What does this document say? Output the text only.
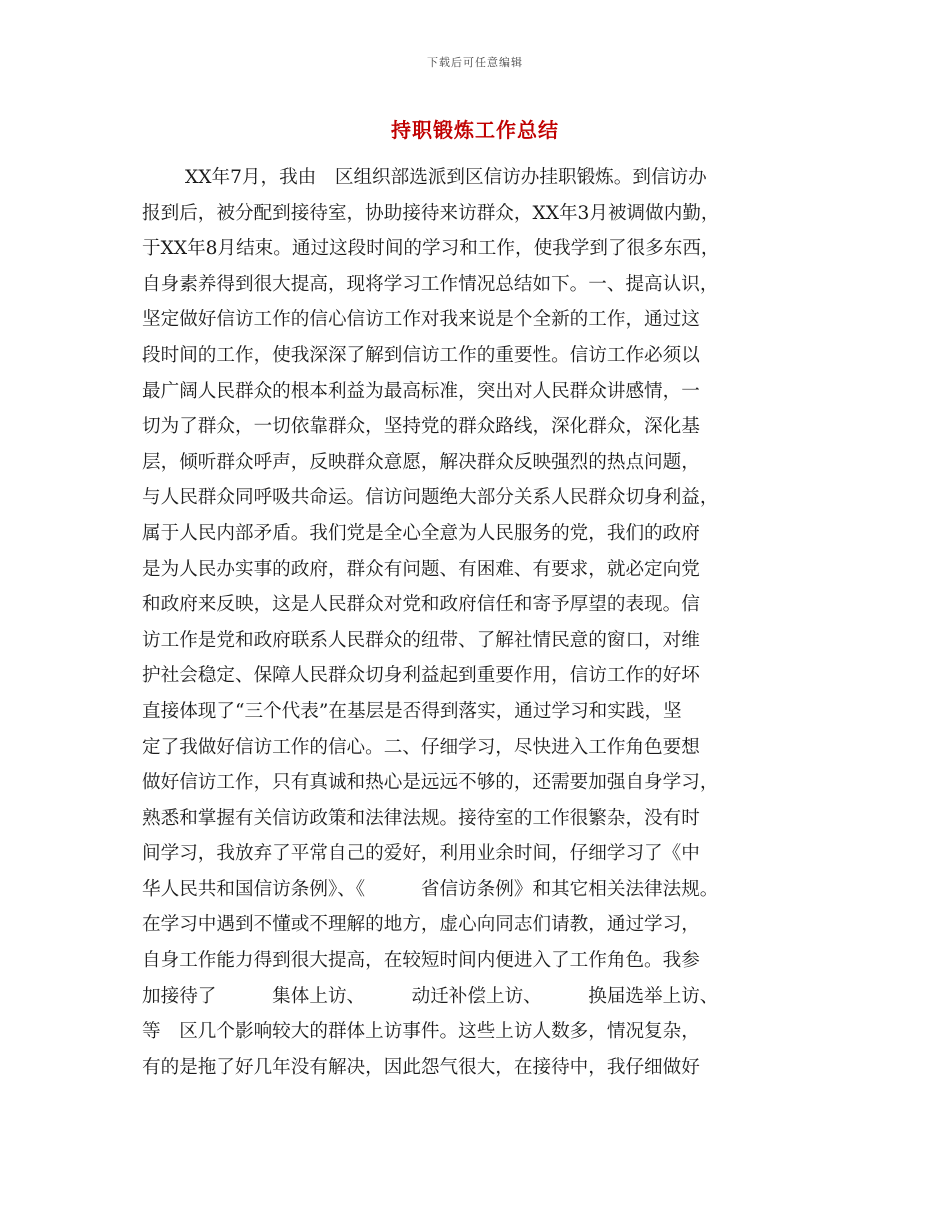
下载后可任意编辑
持职锻炼工作总结
XX年7月，我由　区组织部选派到区信访办挂职锻炼。到信访办
报到后，被分配到接待室，协助接待来访群众，XX年3月被调做内勤，
于XX年8月结束。通过这段时间的学习和工作，使我学到了很多东西，
自身素养得到很大提高，现将学习工作情况总结如下。一、提高认识，
坚定做好信访工作的信心信访工作对我来说是个全新的工作，通过这
段时间的工作，使我深深了解到信访工作的重要性。信访工作必须以
最广阔人民群众的根本利益为最高标准，突出对人民群众讲感情，一
切为了群众，一切依靠群众，坚持党的群众路线，深化群众，深化基
层，倾听群众呼声，反映群众意愿，解决群众反映强烈的热点问题，
与人民群众同呼吸共命运。信访问题绝大部分关系人民群众切身利益，
属于人民内部矛盾。我们党是全心全意为人民服务的党，我们的政府
是为人民办实事的政府，群众有问题、有困难、有要求，就必定向党
和政府来反映，这是人民群众对党和政府信任和寄予厚望的表现。信
访工作是党和政府联系人民群众的纽带、了解社情民意的窗口，对维
护社会稳定、保障人民群众切身利益起到重要作用，信访工作的好坏
直接体现了“三个代表”在基层是否得到落实，通过学习和实践，坚
定了我做好信访工作的信心。二、仔细学习，尽快进入工作角色要想
做好信访工作，只有真诚和热心是远远不够的，还需要加强自身学习，
熟悉和掌握有关信访政策和法律法规。接待室的工作很繁杂，没有时
间学习，我放弃了平常自己的爱好，利用业余时间，仔细学习了《中
华人民共和国信访条例》、《　　　省信访条例》和其它相关法律法规。
在学习中遇到不懂或不理解的地方，虚心向同志们请教，通过学习，
自身工作能力得到很大提高，在较短时间内便进入了工作角色。我参
加接待了　　　集体上访、　　　动迁补偿上访、　　　换届选举上访、
等　区几个影响较大的群体上访事件。这些上访人数多，情况复杂，
有的是拖了好几年没有解决，因此怨气很大，在接待中，我仔细做好
